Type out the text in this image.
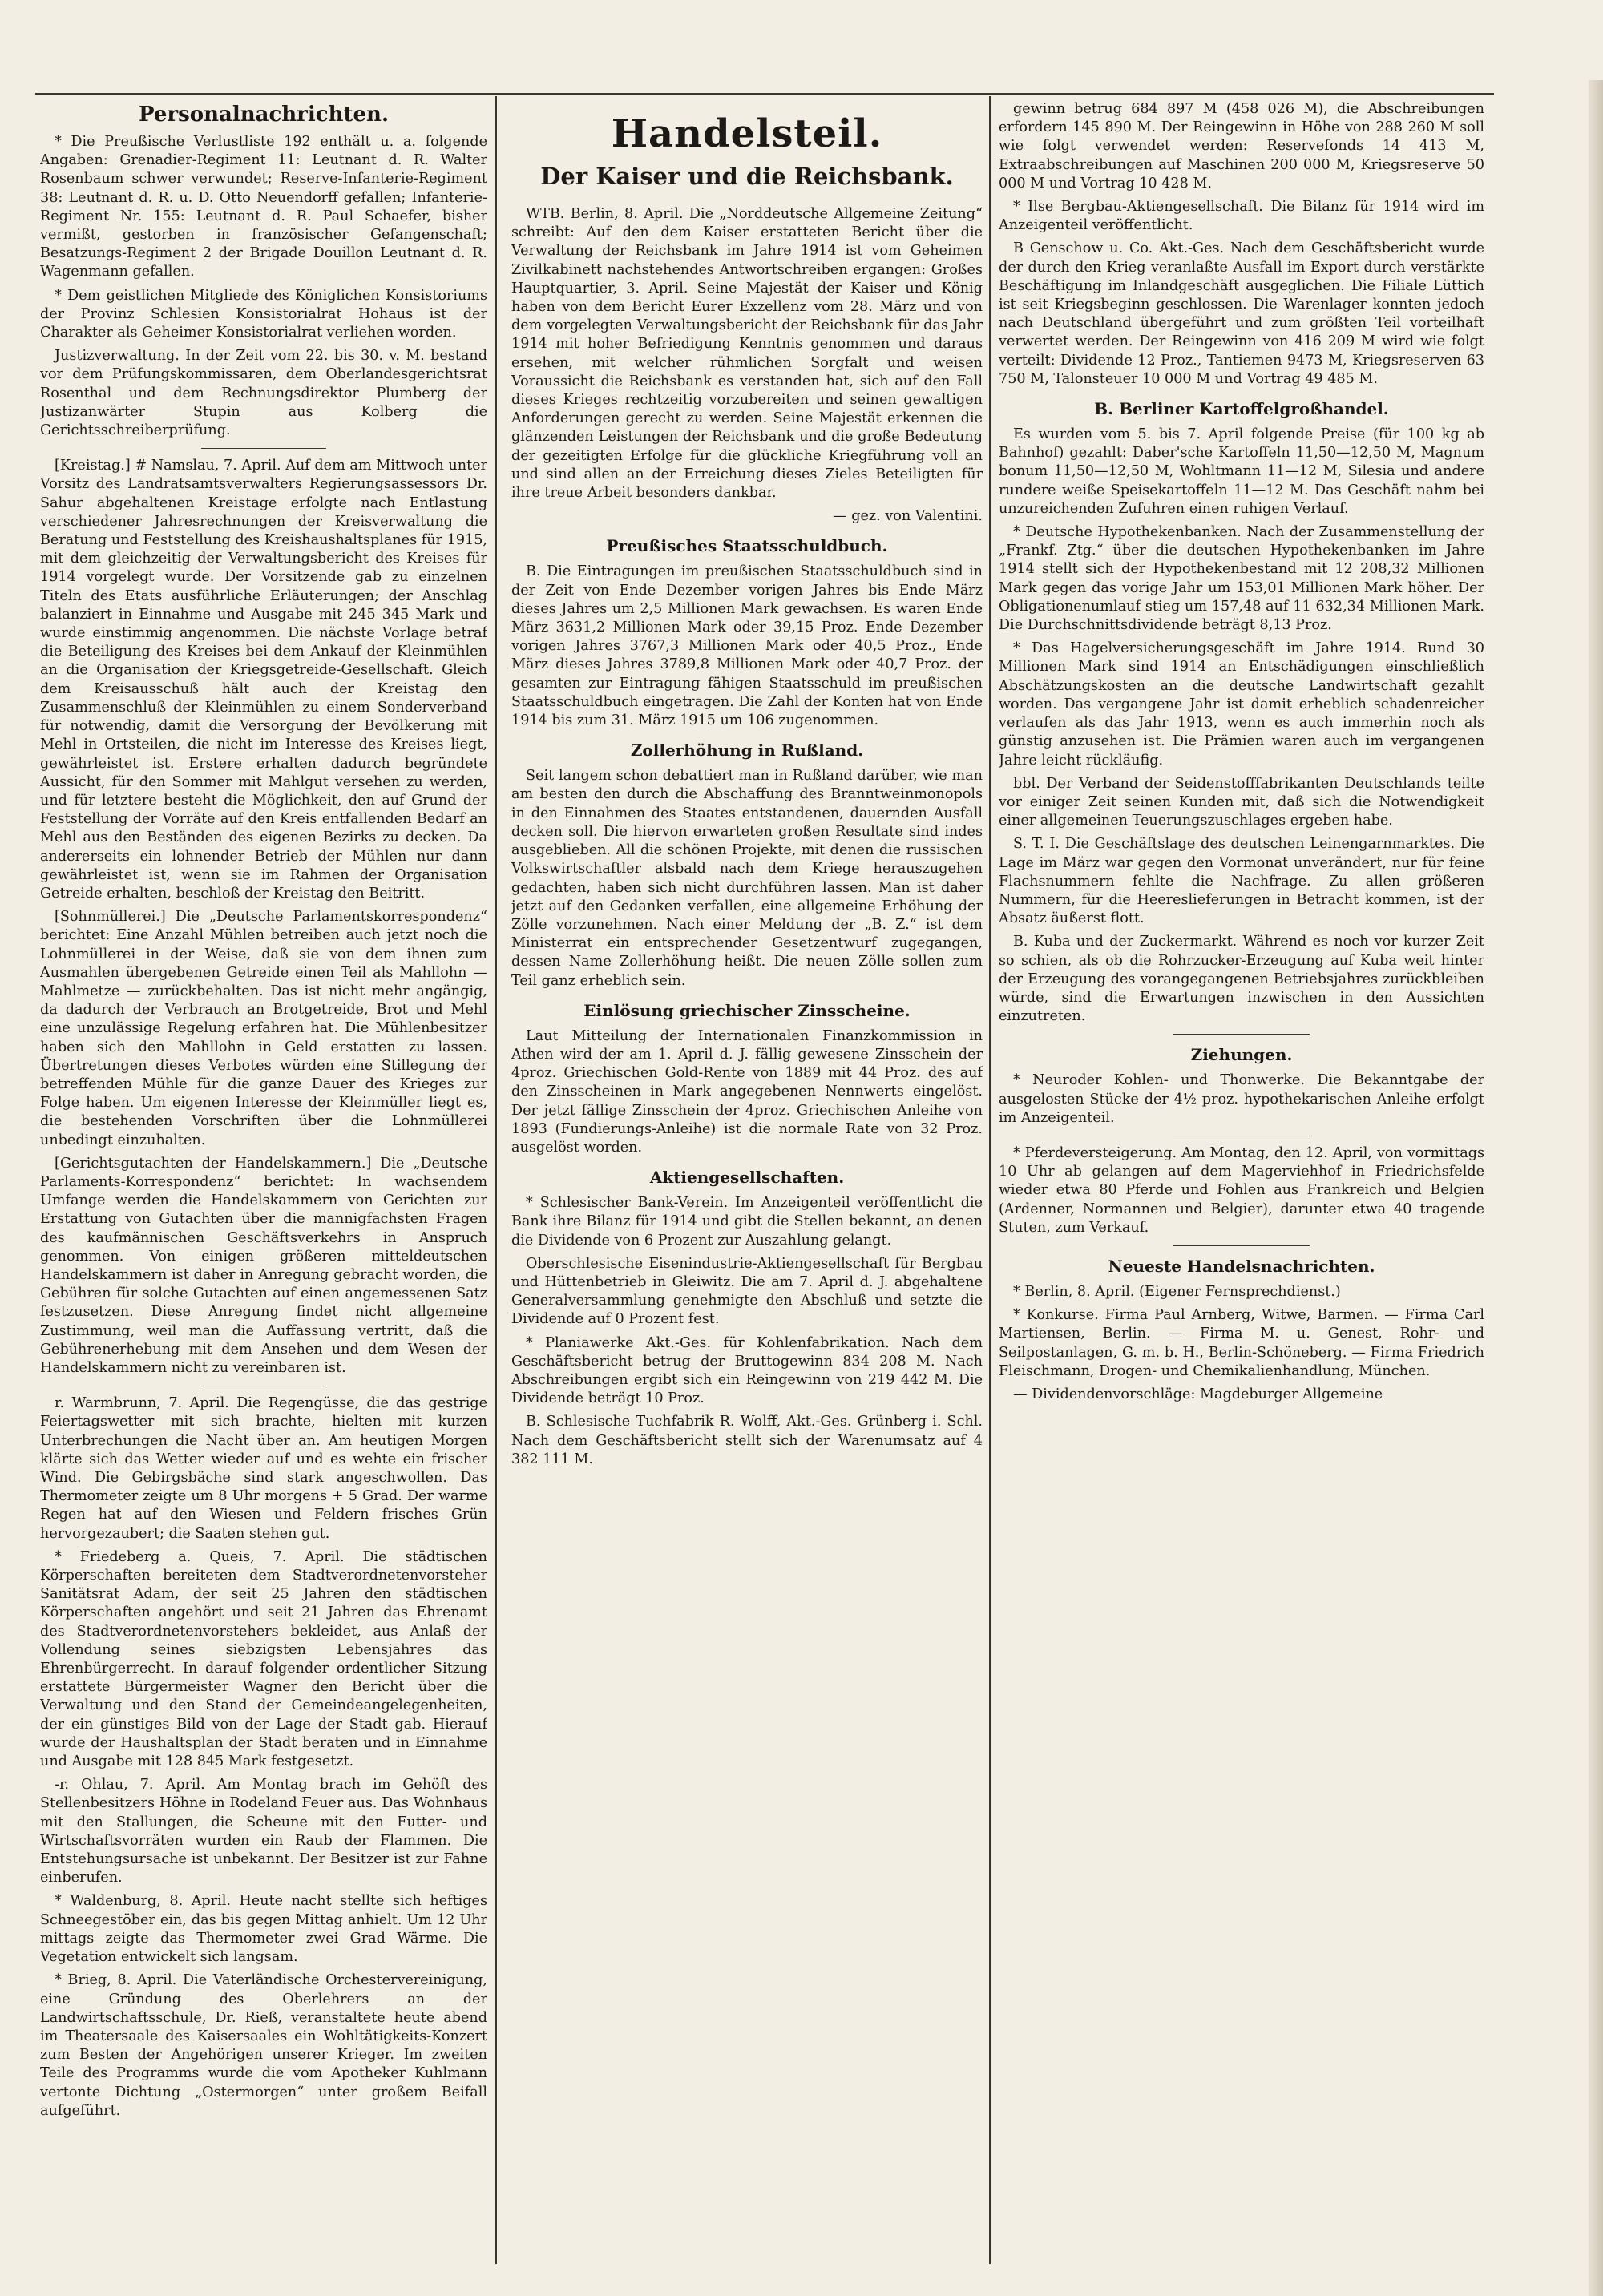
Personalnachrichten.

* Die Preußische Verlustliste 192 enthält u. a. folgende Angaben: Grenadier-Regiment 11: Leutnant d. R. Walter Rosenbaum schwer verwundet; Reserve-Infanterie-Regiment 38: Leutnant d. R. u. D. Otto Neuendorff gefallen; Infanterie-Regiment Nr. 155: Leutnant d. R. Paul Schaefer, bisher vermißt, gestorben in französischer Gefangenschaft; Besatzungs-Regiment 2 der Brigade Douillon Leutnant d. R. Wagenmann gefallen.

* Dem geistlichen Mitgliede des Königlichen Konsistoriums der Provinz Schlesien Konsistorialrat Hohaus ist der Charakter als Geheimer Konsistorialrat verliehen worden.

Justizverwaltung. In der Zeit vom 22. bis 30. v. M. bestand vor dem Prüfungskommissaren, dem Oberlandesgerichtsrat Rosenthal und dem Rechnungsdirektor Plumberg der Justizanwärter Stupin aus Kolberg die Gerichtsschreiberprüfung.

[Kreistag.] # Namslau, 7. April. Auf dem am Mittwoch unter Vorsitz des Landratsamtsverwalters Regierungsassessors Dr. Sahur abgehaltenen Kreistage erfolgte nach Entlastung verschiedener Jahresrechnungen der Kreisverwaltung die Beratung und Feststellung des Kreishaushaltsplanes für 1915, mit dem gleichzeitig der Verwaltungsbericht des Kreises für 1914 vorgelegt wurde. Der Vorsitzende gab zu einzelnen Titeln des Etats ausführliche Erläuterungen; der Anschlag balanziert in Einnahme und Ausgabe mit 245 345 Mark und wurde einstimmig angenommen. Die nächste Vorlage betraf die Beteiligung des Kreises bei dem Ankauf der Kleinmühlen an die Organisation der Kriegsgetreide-Gesellschaft. Gleich dem Kreisausschuß hält auch der Kreistag den Zusammenschluß der Kleinmühlen zu einem Sonderverband für notwendig, damit die Versorgung der Bevölkerung mit Mehl in Ortsteilen, die nicht im Interesse des Kreises liegt, gewährleistet ist. Erstere erhalten dadurch begründete Aussicht, für den Sommer mit Mahlgut versehen zu werden, und für letztere besteht die Möglichkeit, den auf Grund der Feststellung der Vorräte auf den Kreis entfallenden Bedarf an Mehl aus den Beständen des eigenen Bezirks zu decken. Da andererseits ein lohnender Betrieb der Mühlen nur dann gewährleistet ist, wenn sie im Rahmen der Organisation Getreide erhalten, beschloß der Kreistag den Beitritt.

[Sohnmüllerei.] Die „Deutsche Parlamentskorrespondenz“ berichtet: Eine Anzahl Mühlen betreiben auch jetzt noch die Lohnmüllerei in der Weise, daß sie von dem ihnen zum Ausmahlen übergebenen Getreide einen Teil als Mahllohn — Mahlmetze — zurückbehalten. Das ist nicht mehr angängig, da dadurch der Verbrauch an Brotgetreide, Brot und Mehl eine unzulässige Regelung erfahren hat. Die Mühlenbesitzer haben sich den Mahllohn in Geld erstatten zu lassen. Übertretungen dieses Verbotes würden eine Stillegung der betreffenden Mühle für die ganze Dauer des Krieges zur Folge haben. Um eigenen Interesse der Kleinmüller liegt es, die bestehenden Vorschriften über die Lohnmüllerei unbedingt einzuhalten.

[Gerichtsgutachten der Handelskammern.] Die „Deutsche Parlaments-Korrespondenz“ berichtet: In wachsendem Umfange werden die Handelskammern von Gerichten zur Erstattung von Gutachten über die mannigfachsten Fragen des kaufmännischen Geschäftsverkehrs in Anspruch genommen. Von einigen größeren mitteldeutschen Handelskammern ist daher in Anregung gebracht worden, die Gebühren für solche Gutachten auf einen angemessenen Satz festzusetzen. Diese Anregung findet nicht allgemeine Zustimmung, weil man die Auffassung vertritt, daß die Gebührenerhebung mit dem Ansehen und dem Wesen der Handelskammern nicht zu vereinbaren ist.

r. Warmbrunn, 7. April. Die Regengüsse, die das gestrige Feiertagswetter mit sich brachte, hielten mit kurzen Unterbrechungen die Nacht über an. Am heutigen Morgen klärte sich das Wetter wieder auf und es wehte ein frischer Wind. Die Gebirgsbäche sind stark angeschwollen. Das Thermometer zeigte um 8 Uhr morgens + 5 Grad. Der warme Regen hat auf den Wiesen und Feldern frisches Grün hervorgezaubert; die Saaten stehen gut.

* Friedeberg a. Queis, 7. April. Die städtischen Körperschaften bereiteten dem Stadtverordnetenvorsteher Sanitätsrat Adam, der seit 25 Jahren den städtischen Körperschaften angehört und seit 21 Jahren das Ehrenamt des Stadtverordnetenvorstehers bekleidet, aus Anlaß der Vollendung seines siebzigsten Lebensjahres das Ehrenbürgerrecht. In darauf folgender ordentlicher Sitzung erstattete Bürgermeister Wagner den Bericht über die Verwaltung und den Stand der Gemeindeangelegenheiten, der ein günstiges Bild von der Lage der Stadt gab. Hierauf wurde der Haushaltsplan der Stadt beraten und in Einnahme und Ausgabe mit 128 845 Mark festgesetzt.

-r. Ohlau, 7. April. Am Montag brach im Gehöft des Stellenbesitzers Höhne in Rodeland Feuer aus. Das Wohnhaus mit den Stallungen, die Scheune mit den Futter- und Wirtschaftsvorräten wurden ein Raub der Flammen. Die Entstehungsursache ist unbekannt. Der Besitzer ist zur Fahne einberufen.

* Waldenburg, 8. April. Heute nacht stellte sich heftiges Schneegestöber ein, das bis gegen Mittag anhielt. Um 12 Uhr mittags zeigte das Thermometer zwei Grad Wärme. Die Vegetation entwickelt sich langsam.

* Brieg, 8. April. Die Vaterländische Orchestervereinigung, eine Gründung des Oberlehrers an der Landwirtschaftsschule, Dr. Rieß, veranstaltete heute abend im Theatersaale des Kaisersaales ein Wohltätigkeits-Konzert zum Besten der Angehörigen unserer Krieger. Im zweiten Teile des Programms wurde die vom Apotheker Kuhlmann vertonte Dichtung „Ostermorgen“ unter großem Beifall aufgeführt.

Handelsteil.
Der Kaiser und die Reichsbank.

WTB. Berlin, 8. April. Die „Norddeutsche Allgemeine Zeitung“ schreibt: Auf den dem Kaiser erstatteten Bericht über die Verwaltung der Reichsbank im Jahre 1914 ist vom Geheimen Zivilkabinett nachstehendes Antwortschreiben ergangen: Großes Hauptquartier, 3. April. Seine Majestät der Kaiser und König haben von dem Bericht Eurer Exzellenz vom 28. März und von dem vorgelegten Verwaltungsbericht der Reichsbank für das Jahr 1914 mit hoher Befriedigung Kenntnis genommen und daraus ersehen, mit welcher rühmlichen Sorgfalt und weisen Voraussicht die Reichsbank es verstanden hat, sich auf den Fall dieses Krieges rechtzeitig vorzubereiten und seinen gewaltigen Anforderungen gerecht zu werden. Seine Majestät erkennen die glänzenden Leistungen der Reichsbank und die große Bedeutung der gezeitigten Erfolge für die glückliche Kriegführung voll an und sind allen an der Erreichung dieses Zieles Beteiligten für ihre treue Arbeit besonders dankbar.

— gez. von Valentini.

Preußisches Staatsschuldbuch.

B. Die Eintragungen im preußischen Staatsschuldbuch sind in der Zeit von Ende Dezember vorigen Jahres bis Ende März dieses Jahres um 2,5 Millionen Mark gewachsen. Es waren Ende März 3631,2 Millionen Mark oder 39,15 Proz. Ende Dezember vorigen Jahres 3767,3 Millionen Mark oder 40,5 Proz., Ende März dieses Jahres 3789,8 Millionen Mark oder 40,7 Proz. der gesamten zur Eintragung fähigen Staatsschuld im preußischen Staatsschuldbuch eingetragen. Die Zahl der Konten hat von Ende 1914 bis zum 31. März 1915 um 106 zugenommen.

Zollerhöhung in Rußland.

Seit langem schon debattiert man in Rußland darüber, wie man am besten den durch die Abschaffung des Branntweinmonopols in den Einnahmen des Staates entstandenen, dauernden Ausfall decken soll. Die hiervon erwarteten großen Resultate sind indes ausgeblieben. All die schönen Projekte, mit denen die russischen Volkswirtschaftler alsbald nach dem Kriege herauszugehen gedachten, haben sich nicht durchführen lassen. Man ist daher jetzt auf den Gedanken verfallen, eine allgemeine Erhöhung der Zölle vorzunehmen. Nach einer Meldung der „B. Z.“ ist dem Ministerrat ein entsprechender Gesetzentwurf zugegangen, dessen Name Zollerhöhung heißt. Die neuen Zölle sollen zum Teil ganz erheblich sein.

Einlösung griechischer Zinsscheine.

Laut Mitteilung der Internationalen Finanzkommission in Athen wird der am 1. April d. J. fällig gewesene Zinsschein der 4proz. Griechischen Gold-Rente von 1889 mit 44 Proz. des auf den Zinsscheinen in Mark angegebenen Nennwerts eingelöst. Der jetzt fällige Zinsschein der 4proz. Griechischen Anleihe von 1893 (Fundierungs-Anleihe) ist die normale Rate von 32 Proz. ausgelöst worden.

Aktiengesellschaften.

* Schlesischer Bank-Verein. Im Anzeigenteil veröffentlicht die Bank ihre Bilanz für 1914 und gibt die Stellen bekannt, an denen die Dividende von 6 Prozent zur Auszahlung gelangt.

Oberschlesische Eisenindustrie-Aktiengesellschaft für Bergbau und Hüttenbetrieb in Gleiwitz. Die am 7. April d. J. abgehaltene Generalversammlung genehmigte den Abschluß und setzte die Dividende auf 0 Prozent fest.

* Planiawerke Akt.-Ges. für Kohlenfabrikation. Nach dem Geschäftsbericht betrug der Bruttogewinn 834 208 M. Nach Abschreibungen ergibt sich ein Reingewinn von 219 442 M. Die Dividende beträgt 10 Proz.

B. Schlesische Tuchfabrik R. Wolff, Akt.-Ges. Grünberg i. Schl. Nach dem Geschäftsbericht stellt sich der Warenumsatz auf 4 382 111 M.

gewinn betrug 684 897 M (458 026 M), die Abschreibungen erfordern 145 890 M. Der Reingewinn in Höhe von 288 260 M soll wie folgt verwendet werden: Reservefonds 14 413 M, Extraabschreibungen auf Maschinen 200 000 M, Kriegsreserve 50 000 M und Vortrag 10 428 M.

* Ilse Bergbau-Aktiengesellschaft. Die Bilanz für 1914 wird im Anzeigenteil veröffentlicht.

B Genschow u. Co. Akt.-Ges. Nach dem Geschäftsbericht wurde der durch den Krieg veranlaßte Ausfall im Export durch verstärkte Beschäftigung im Inlandgeschäft ausgeglichen. Die Filiale Lüttich ist seit Kriegsbeginn geschlossen. Die Warenlager konnten jedoch nach Deutschland übergeführt und zum größten Teil vorteilhaft verwertet werden. Der Reingewinn von 416 209 M wird wie folgt verteilt: Dividende 12 Proz., Tantiemen 9473 M, Kriegsreserven 63 750 M, Talonsteuer 10 000 M und Vortrag 49 485 M.

B. Berliner Kartoffelgroßhandel.

Es wurden vom 5. bis 7. April folgende Preise (für 100 kg ab Bahnhof) gezahlt: Daber'sche Kartoffeln 11,50—12,50 M, Magnum bonum 11,50—12,50 M, Wohltmann 11—12 M, Silesia und andere rundere weiße Speisekartoffeln 11—12 M. Das Geschäft nahm bei unzureichenden Zufuhren einen ruhigen Verlauf.

* Deutsche Hypothekenbanken. Nach der Zusammenstellung der „Frankf. Ztg.“ über die deutschen Hypothekenbanken im Jahre 1914 stellt sich der Hypothekenbestand mit 12 208,32 Millionen Mark gegen das vorige Jahr um 153,01 Millionen Mark höher. Der Obligationenumlauf stieg um 157,48 auf 11 632,34 Millionen Mark. Die Durchschnittsdividende beträgt 8,13 Proz.

* Das Hagelversicherungsgeschäft im Jahre 1914. Rund 30 Millionen Mark sind 1914 an Entschädigungen einschließlich Abschätzungskosten an die deutsche Landwirtschaft gezahlt worden. Das vergangene Jahr ist damit erheblich schadenreicher verlaufen als das Jahr 1913, wenn es auch immerhin noch als günstig anzusehen ist. Die Prämien waren auch im vergangenen Jahre leicht rückläufig.

bbl. Der Verband der Seidenstofffabrikanten Deutschlands teilte vor einiger Zeit seinen Kunden mit, daß sich die Notwendigkeit einer allgemeinen Teuerungszuschlages ergeben habe.

S. T. I. Die Geschäftslage des deutschen Leinengarnmarktes. Die Lage im März war gegen den Vormonat unverändert, nur für feine Flachsnummern fehlte die Nachfrage. Zu allen größeren Nummern, für die Heereslieferungen in Betracht kommen, ist der Absatz äußerst flott.

B. Kuba und der Zuckermarkt. Während es noch vor kurzer Zeit so schien, als ob die Rohrzucker-Erzeugung auf Kuba weit hinter der Erzeugung des vorangegangenen Betriebsjahres zurückbleiben würde, sind die Erwartungen inzwischen in den Aussichten einzutreten.

Ziehungen.

* Neuroder Kohlen- und Thonwerke. Die Bekanntgabe der ausgelosten Stücke der 4½ proz. hypothekarischen Anleihe erfolgt im Anzeigenteil.

* Pferdeversteigerung. Am Montag, den 12. April, von vormittags 10 Uhr ab gelangen auf dem Magerviehhof in Friedrichsfelde wieder etwa 80 Pferde und Fohlen aus Frankreich und Belgien (Ardenner, Normannen und Belgier), darunter etwa 40 tragende Stuten, zum Verkauf.

Neueste Handelsnachrichten.

* Berlin, 8. April. (Eigener Fernsprechdienst.)

* Konkurse. Firma Paul Arnberg, Witwe, Barmen. — Firma Carl Martiensen, Berlin. — Firma M. u. Genest, Rohr- und Seilpostanlagen, G. m. b. H., Berlin-Schöneberg. — Firma Friedrich Fleischmann, Drogen- und Chemikalienhandlung, München.

— Dividendenvorschläge: Magdeburger Allgemeine
